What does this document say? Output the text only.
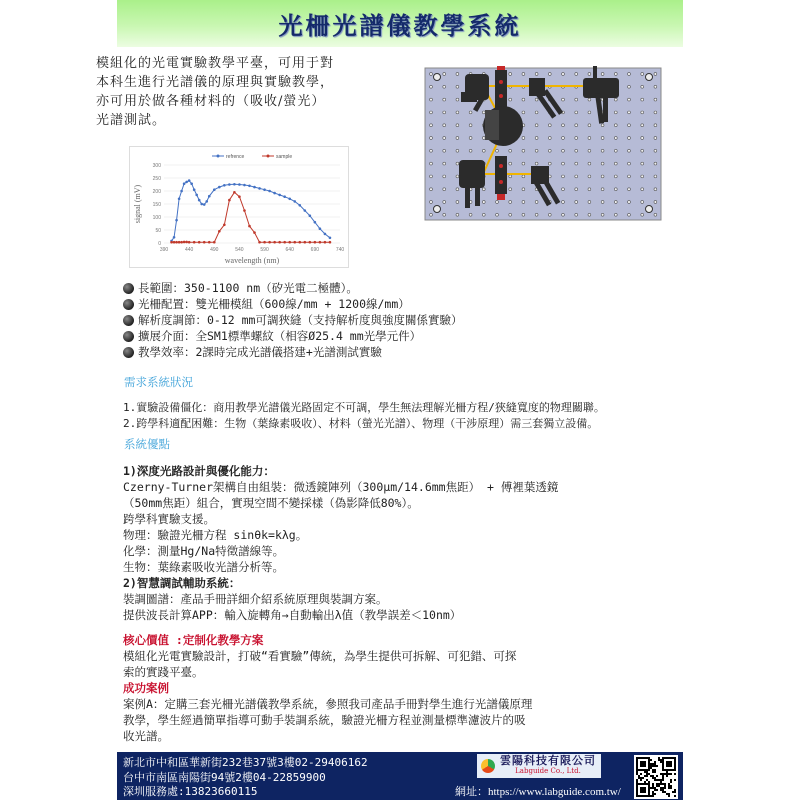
光柵光譜儀教學系統

模組化的光電實驗教學平臺，可用于對

本科生進行光譜儀的原理與實驗教學，

亦可用於做各種材料的（吸收/螢光）

光譜測試。

0
50
100
150
200
250
300
390	440	490	540	590	640	690	740
wavelength (nm)
signal (mV)
refrence	sample
長範圍：350-1100 nm（矽光電二極體）。
光柵配置：雙光柵模組（600線/mm + 1200線/mm）
解析度調節：0-12 mm可調狹縫（支持解析度與強度關係實驗）
擴展介面：全SM1標準螺紋（相容Ø25.4 mm光學元件）
教學效率：2課時完成光譜儀搭建+光譜測試實驗
需求系統狀況
1.實驗設備僵化：商用教學光譜儀光路固定不可調，學生無法理解光柵方程/狹縫寬度的物理關聯。
2.跨學科適配困難：生物（葉綠素吸收）、材料（螢光光譜）、物理（干涉原理）需三套獨立設備。
系統優點
1)深度光路設計與優化能力：
Czerny-Turner架構自由組裝：微透鏡陣列（300μm/14.6mm焦距） + 傅裡葉透鏡
（50mm焦距）組合，實現空間不變採樣（偽影降低80%）。
跨學科實驗支援。
物理：驗證光柵方程 sinθk=kλg。
化學：測量Hg/Na特徵譜線等。
生物：葉綠素吸收光譜分析等。
2)智慧調試輔助系統：
裝調圖譜：產品手冊詳細介紹系統原理與裝調方案。
提供波長計算APP：輸入旋轉角→自動輸出λ值（教學誤差＜10nm）
核心價值 :定制化教學方案
模組化光電實驗設計，打破“看實驗”傳統，為學生提供可拆解、可犯錯、可探
索的實踐平臺。
成功案例
案例A：定購三套光柵光譜儀教學系統，參照我司產品手冊對學生進行光譜儀原理
教學，學生經過簡單指導可動手裝調系統，驗證光柵方程並測量標準濾波片的吸
收光譜。
新北市中和區華新街232巷37號3樓02-29406162
台中市南區南陽街94號2樓04-22859900
深圳服務處:13823660115
雲陽科技有限公司
Labguide Co., Ltd.
網址：https://www.labguide.com.tw/
